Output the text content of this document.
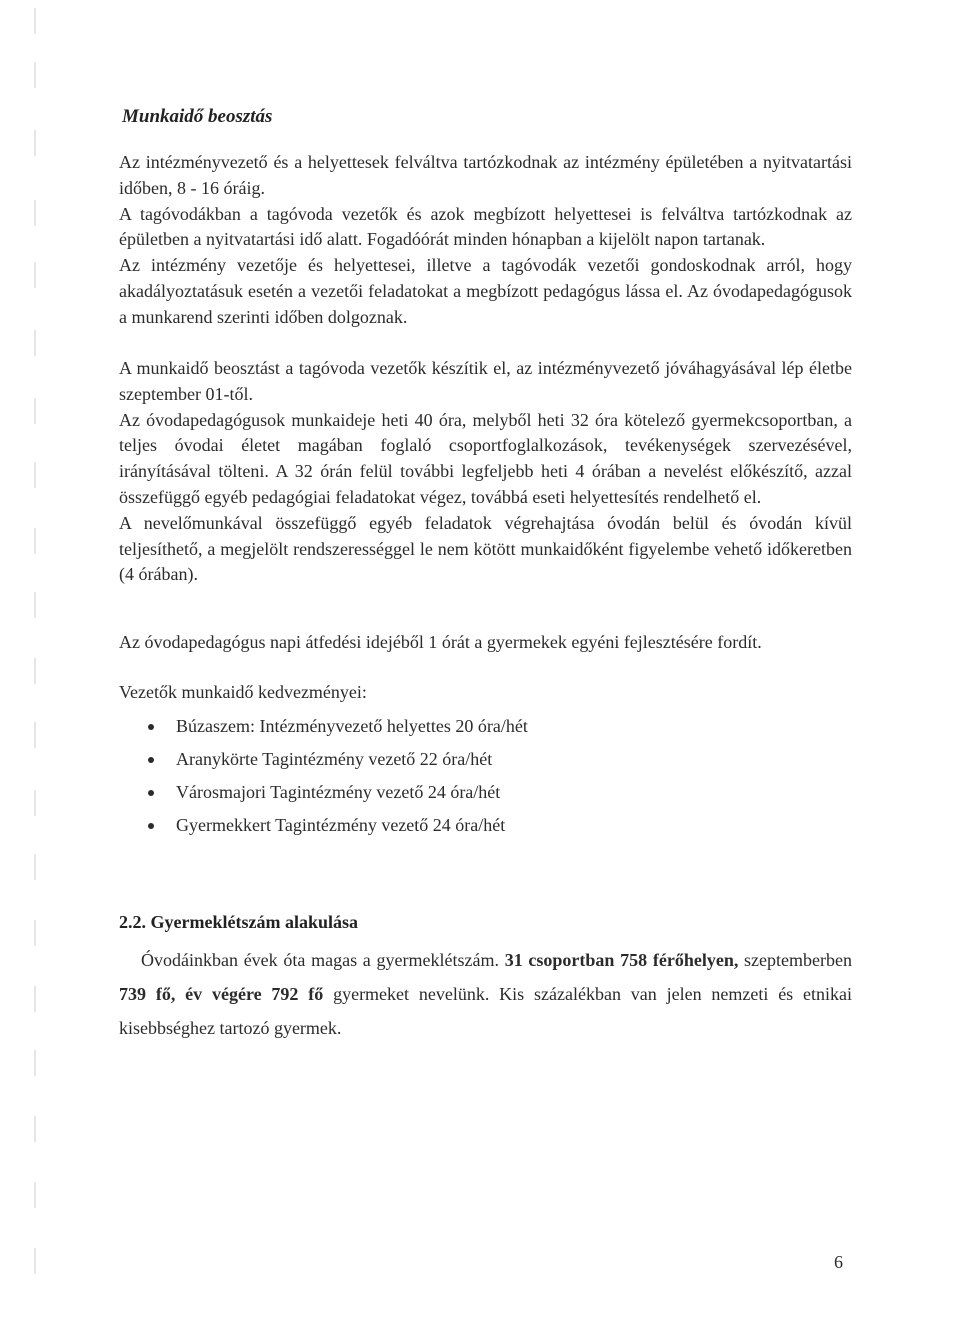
Munkaidő beosztás

Az intézményvezető és a helyettesek felváltva tartózkodnak az intézmény épületében a nyitvatartási időben, 8 - 16 óráig.

A tagóvodákban a tagóvoda vezetők és azok megbízott helyettesei is felváltva tartózkodnak az épületben a nyitvatartási idő alatt. Fogadóórát minden hónapban a kijelölt napon tartanak.

Az intézmény vezetője és helyettesei, illetve a tagóvodák vezetői gondoskodnak arról, hogy akadályoztatásuk esetén a vezetői feladatokat a megbízott pedagógus lássa el. Az óvodapedagógusok a munkarend szerinti időben dolgoznak.

A munkaidő beosztást a tagóvoda vezetők készítik el, az intézményvezető jóváhagyásával lép életbe szeptember 01-től.

Az óvodapedagógusok munkaideje heti 40 óra, melyből heti 32 óra kötelező gyermekcsoportban, a teljes óvodai életet magában foglaló csoportfoglalkozások, tevékenységek szervezésével, irányításával tölteni. A 32 órán felül további legfeljebb heti 4 órában a nevelést előkészítő, azzal összefüggő egyéb pedagógiai feladatokat végez, továbbá eseti helyettesítés rendelhető el.

A nevelőmunkával összefüggő egyéb feladatok végrehajtása óvodán belül és óvodán kívül teljesíthető, a megjelölt rendszerességgel le nem kötött munkaidőként figyelembe vehető időkeretben (4 órában).

Az óvodapedagógus napi átfedési idejéből 1 órát a gyermekek egyéni fejlesztésére fordít.

Vezetők munkaidő kedvezményei:
Búzaszem: Intézményvezető helyettes 20 óra/hét
Aranykörte Tagintézmény vezető 22 óra/hét
Városmajori Tagintézmény vezető 24 óra/hét
Gyermekkert Tagintézmény vezető 24 óra/hét
2.2. Gyermeklétszám alakulása

Óvodáinkban évek óta magas a gyermeklétszám. 31 csoportban 758 férőhelyen, szeptemberben 739 fő, év végére 792 fő gyermeket nevelünk. Kis százalékban van jelen nemzeti és etnikai kisebbséghez tartozó gyermek.

6
